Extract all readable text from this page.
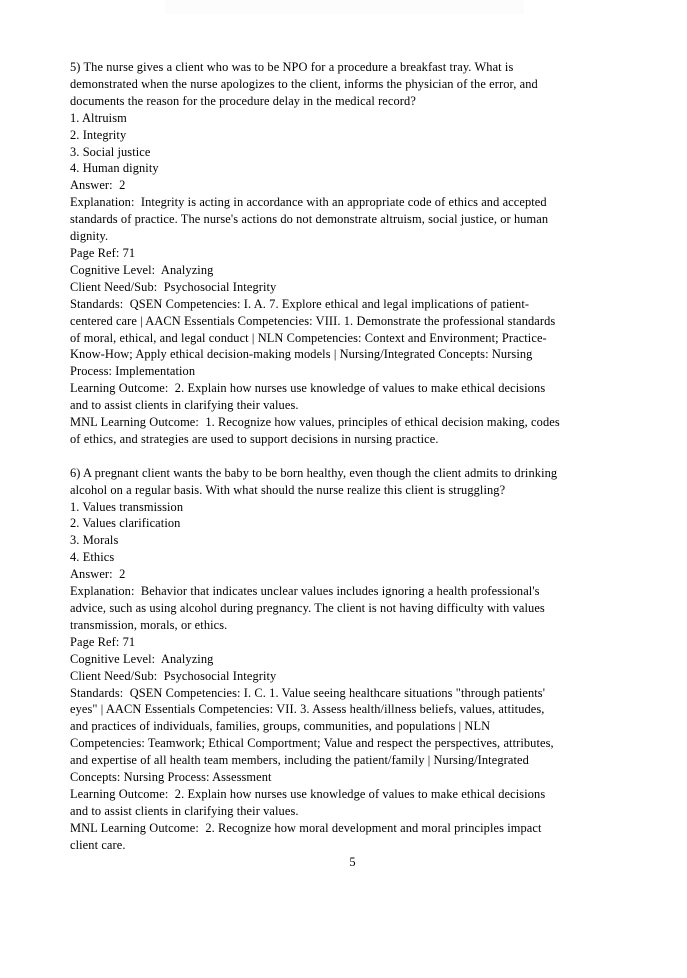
5) The nurse gives a client who was to be NPO for a procedure a breakfast tray. What is
demonstrated when the nurse apologizes to the client, informs the physician of the error, and
documents the reason for the procedure delay in the medical record?
1. Altruism
2. Integrity
3. Social justice
4. Human dignity
Answer:  2
Explanation:  Integrity is acting in accordance with an appropriate code of ethics and accepted
standards of practice. The nurse's actions do not demonstrate altruism, social justice, or human
dignity.
Page Ref: 71
Cognitive Level:  Analyzing
Client Need/Sub:  Psychosocial Integrity
Standards:  QSEN Competencies: I. A. 7. Explore ethical and legal implications of patient-
centered care | AACN Essentials Competencies: VIII. 1. Demonstrate the professional standards
of moral, ethical, and legal conduct | NLN Competencies: Context and Environment; Practice-
Know-How; Apply ethical decision-making models | Nursing/Integrated Concepts: Nursing
Process: Implementation
Learning Outcome:  2. Explain how nurses use knowledge of values to make ethical decisions
and to assist clients in clarifying their values.
MNL Learning Outcome:  1. Recognize how values, principles of ethical decision making, codes
of ethics, and strategies are used to support decisions in nursing practice.
6) A pregnant client wants the baby to be born healthy, even though the client admits to drinking
alcohol on a regular basis. With what should the nurse realize this client is struggling?
1. Values transmission
2. Values clarification
3. Morals
4. Ethics
Answer:  2
Explanation:  Behavior that indicates unclear values includes ignoring a health professional's
advice, such as using alcohol during pregnancy. The client is not having difficulty with values
transmission, morals, or ethics.
Page Ref: 71
Cognitive Level:  Analyzing
Client Need/Sub:  Psychosocial Integrity
Standards:  QSEN Competencies: I. C. 1. Value seeing healthcare situations "through patients'
eyes" | AACN Essentials Competencies: VII. 3. Assess health/illness beliefs, values, attitudes,
and practices of individuals, families, groups, communities, and populations | NLN
Competencies: Teamwork; Ethical Comportment; Value and respect the perspectives, attributes,
and expertise of all health team members, including the patient/family | Nursing/Integrated
Concepts: Nursing Process: Assessment
Learning Outcome:  2. Explain how nurses use knowledge of values to make ethical decisions
and to assist clients in clarifying their values.
MNL Learning Outcome:  2. Recognize how moral development and moral principles impact
client care.
5
